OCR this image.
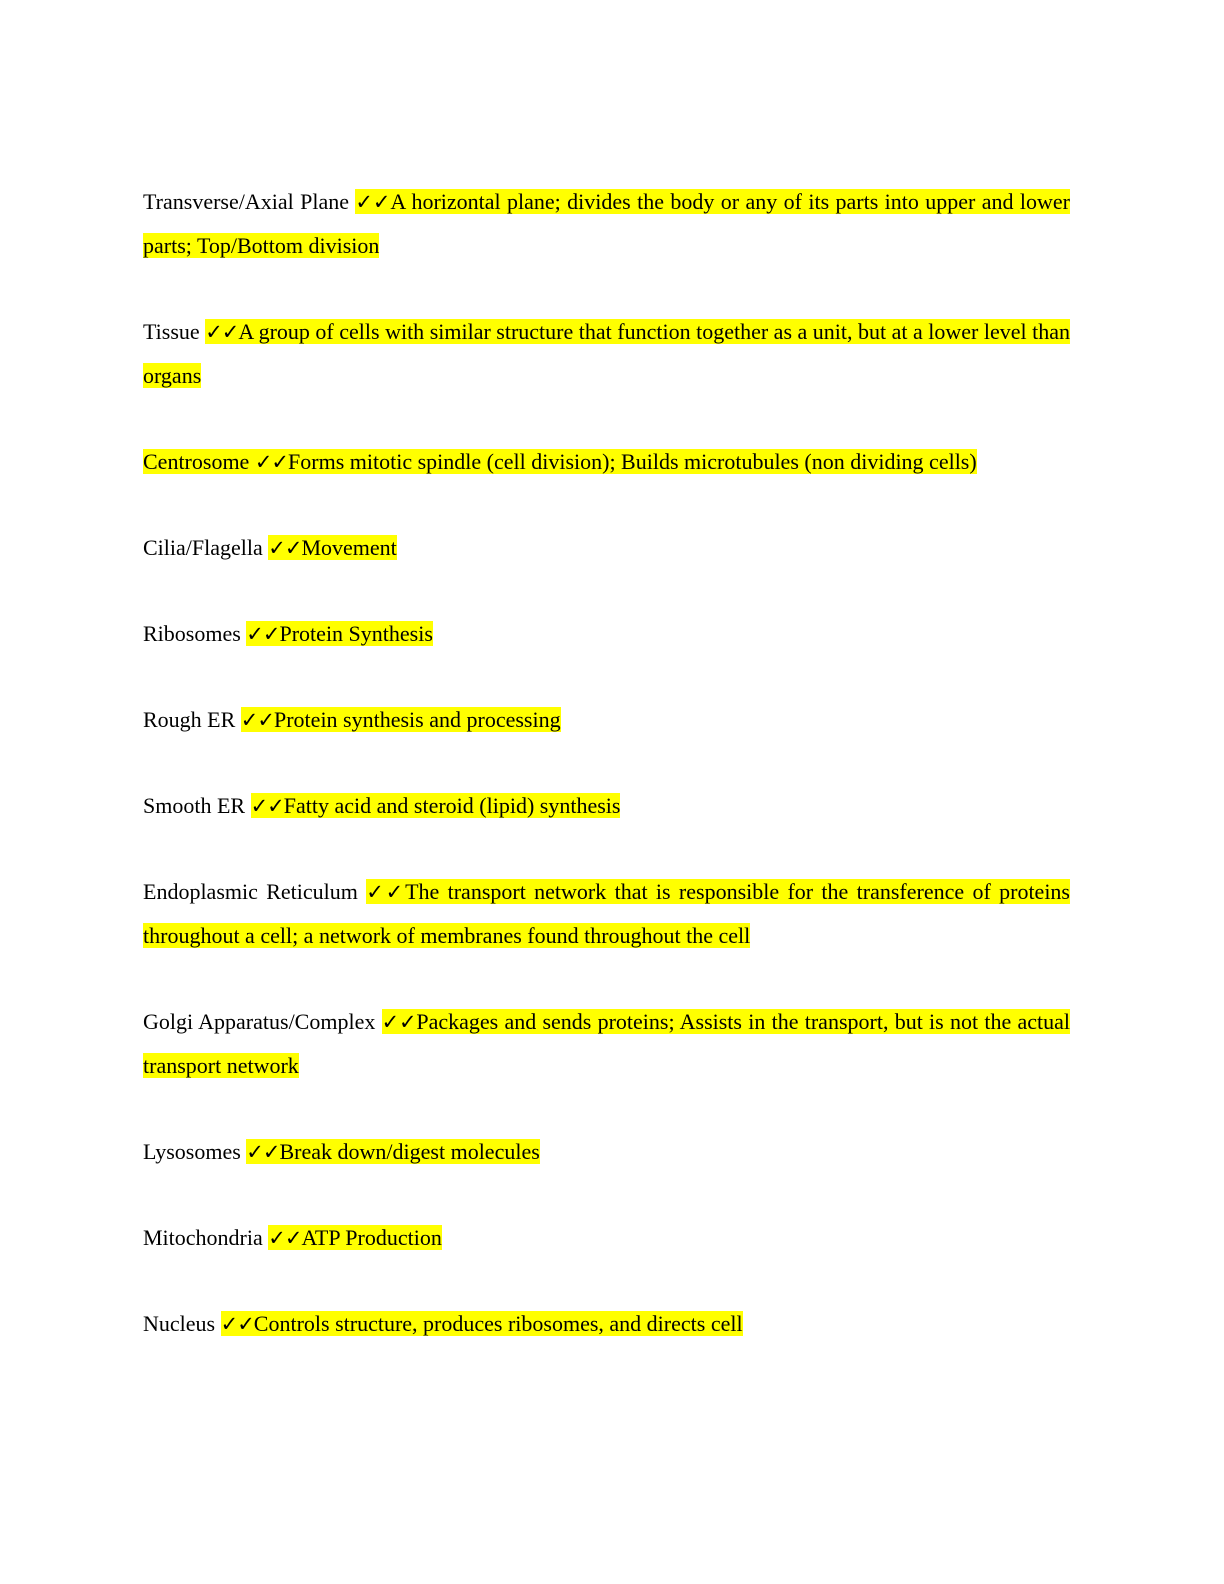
Transverse/Axial Plane ✓✓A horizontal plane; divides the body or any of its parts into upper and lower parts; Top/Bottom division

Tissue ✓✓A group of cells with similar structure that function together as a unit, but at a lower level than organs

Centrosome ✓✓Forms mitotic spindle (cell division); Builds microtubules (non dividing cells)

Cilia/Flagella ✓✓Movement

Ribosomes ✓✓Protein Synthesis

Rough ER ✓✓Protein synthesis and processing

Smooth ER ✓✓Fatty acid and steroid (lipid) synthesis

Endoplasmic Reticulum ✓✓The transport network that is responsible for the transference of proteins throughout a cell; a network of membranes found throughout the cell

Golgi Apparatus/Complex ✓✓Packages and sends proteins; Assists in the transport, but is not the actual transport network

Lysosomes ✓✓Break down/digest molecules

Mitochondria ✓✓ATP Production

Nucleus ✓✓Controls structure, produces ribosomes, and directs cell
